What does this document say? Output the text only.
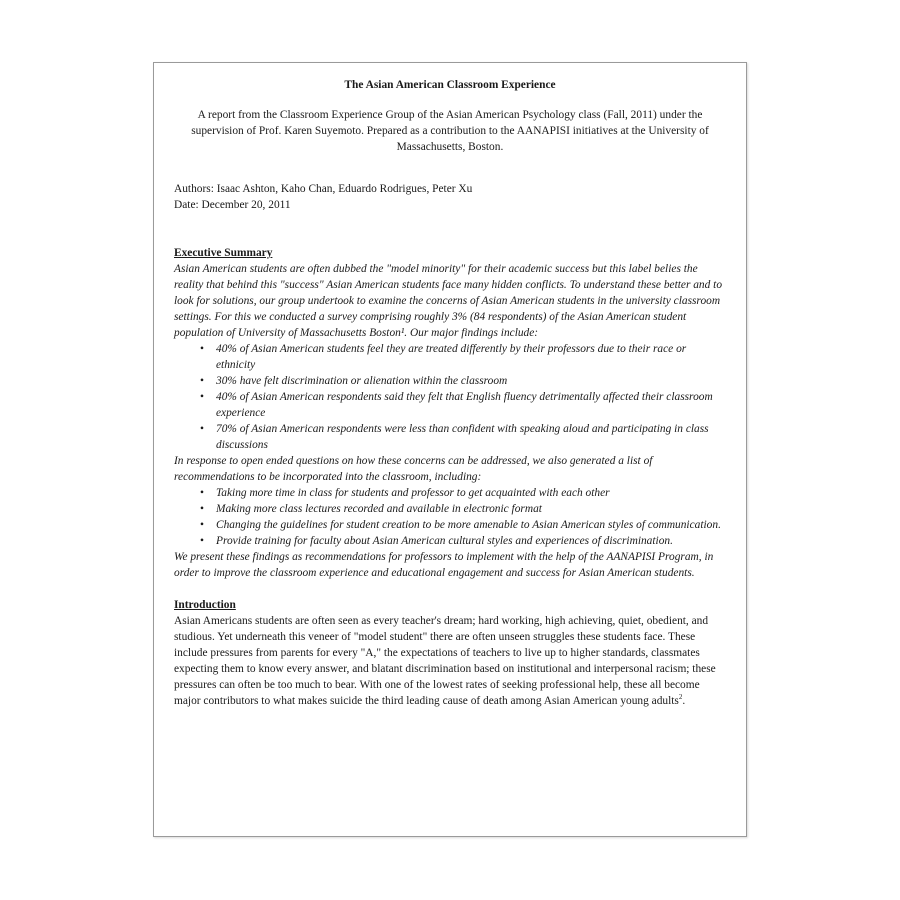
The Asian American Classroom Experience

A report from the Classroom Experience Group of the Asian American Psychology class (Fall, 2011) under the supervision of Prof. Karen Suyemoto. Prepared as a contribution to the AANAPISI initiatives at the University of Massachusetts, Boston.

Authors: Isaac Ashton, Kaho Chan, Eduardo Rodrigues, Peter Xu

Date: December 20, 2011

Executive Summary

Asian American students are often dubbed the "model minority" for their academic success but this label belies the reality that behind this "success" Asian American students face many hidden conflicts. To understand these better and to look for solutions, our group undertook to examine the concerns of Asian American students in the university classroom settings. For this we conducted a survey comprising roughly 3% (84 respondents) of the Asian American student population of University of Massachusetts Boston¹. Our major findings include:

• 40% of Asian American students feel they are treated differently by their professors due to their race or ethnicity
• 30% have felt discrimination or alienation within the classroom
• 40% of Asian American respondents said they felt that English fluency detrimentally affected their classroom experience
• 70% of Asian American respondents were less than confident with speaking aloud and participating in class discussions

In response to open ended questions on how these concerns can be addressed, we also generated a list of recommendations to be incorporated into the classroom, including:

• Taking more time in class for students and professor to get acquainted with each other
• Making more class lectures recorded and available in electronic format
• Changing the guidelines for student creation to be more amenable to Asian American styles of communication.
• Provide training for faculty about Asian American cultural styles and experiences of discrimination.

We present these findings as recommendations for professors to implement with the help of the AANAPISI Program, in order to improve the classroom experience and educational engagement and success for Asian American students.

Introduction

Asian Americans students are often seen as every teacher's dream; hard working, high achieving, quiet, obedient, and studious. Yet underneath this veneer of "model student" there are often unseen struggles these students face. These include pressures from parents for every "A," the expectations of teachers to live up to higher standards, classmates expecting them to know every answer, and blatant discrimination based on institutional and interpersonal racism; these pressures can often be too much to bear. With one of the lowest rates of seeking professional help, these all become major contributors to what makes suicide the third leading cause of death among Asian American young adults$^2$.
